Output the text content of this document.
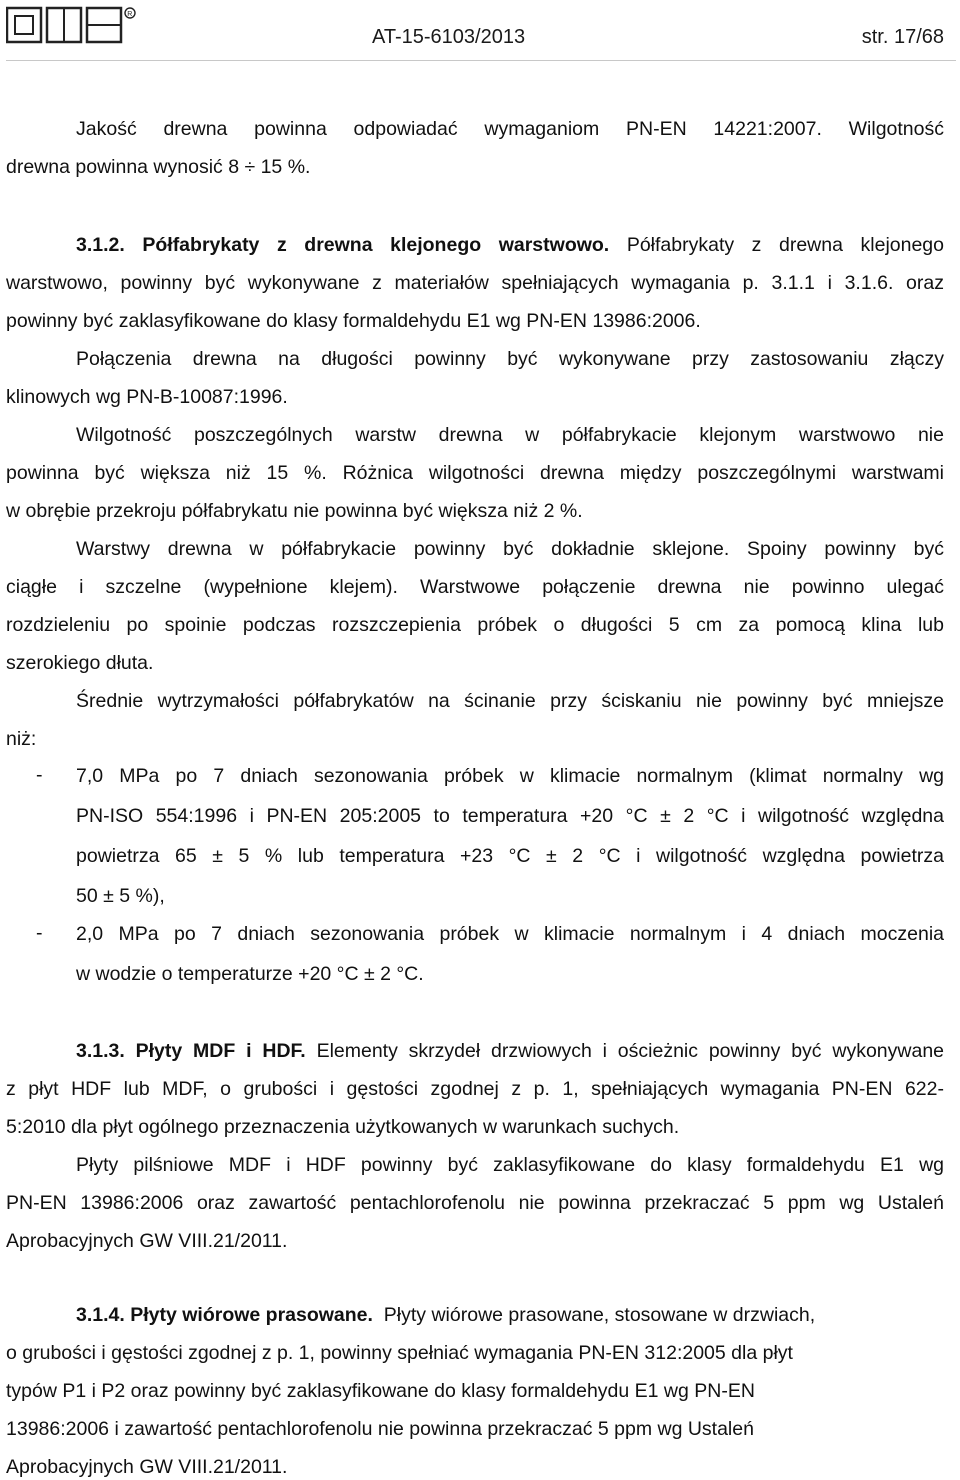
R
AT-15-6103/2013	str. 17/68
Jakość drewna powinna odpowiadać wymaganiom PN-EN 14221:2007. Wilgotność
drewna powinna wynosić 8 ÷ 15 %.
3.1.2. Półfabrykaty z drewna klejonego warstwowo. Półfabrykaty z drewna klejonego
warstwowo, powinny być wykonywane z materiałów spełniających wymagania p. 3.1.1 i 3.1.6. oraz
powinny być zaklasyfikowane do klasy formaldehydu E1 wg PN-EN 13986:2006.
Połączenia drewna na długości powinny być wykonywane przy zastosowaniu złączy
klinowych wg PN-B-10087:1996.
Wilgotność poszczególnych warstw drewna w półfabrykacie klejonym warstwowo nie
powinna być większa niż 15 %. Różnica wilgotności drewna między poszczególnymi warstwami
w obrębie przekroju półfabrykatu nie powinna być większa niż 2 %.
Warstwy drewna w półfabrykacie powinny być dokładnie sklejone. Spoiny powinny być
ciągłe i szczelne (wypełnione klejem). Warstwowe połączenie drewna nie powinno ulegać
rozdzieleniu po spoinie podczas rozszczepienia próbek o długości 5 cm za pomocą klina lub
szerokiego dłuta.
Średnie wytrzymałości półfabrykatów na ścinanie przy ściskaniu nie powinny być mniejsze
niż:
- 7,0 MPa po 7 dniach sezonowania próbek w klimacie normalnym (klimat normalny wg
PN-ISO 554:1996 i PN-EN 205:2005 to temperatura +20 °C ± 2 °C i wilgotność względna
powietrza 65 ± 5 % lub temperatura +23 °C ± 2 °C i wilgotność względna powietrza
50 ± 5 %),
- 2,0 MPa po 7 dniach sezonowania próbek w klimacie normalnym i 4 dniach moczenia
w wodzie o temperaturze +20 °C ± 2 °C.
3.1.3. Płyty MDF i HDF. Elementy skrzydeł drzwiowych i ościeżnic powinny być wykonywane
z płyt HDF lub MDF, o grubości i gęstości zgodnej z p. 1, spełniających wymagania PN-EN 622-
5:2010 dla płyt ogólnego przeznaczenia użytkowanych w warunkach suchych.
Płyty pilśniowe MDF i HDF powinny być zaklasyfikowane do klasy formaldehydu E1 wg
PN-EN 13986:2006 oraz zawartość pentachlorofenolu nie powinna przekraczać 5 ppm wg Ustaleń
Aprobacyjnych GW VIII.21/2011.
3.1.4. Płyty wiórowe prasowane. Płyty wiórowe prasowane, stosowane w drzwiach,
o grubości i gęstości zgodnej z p. 1, powinny spełniać wymagania PN-EN 312:2005 dla płyt
typów P1 i P2 oraz powinny być zaklasyfikowane do klasy formaldehydu E1 wg PN-EN
13986:2006 i zawartość pentachlorofenolu nie powinna przekraczać 5 ppm wg Ustaleń
Aprobacyjnych GW VIII.21/2011.
